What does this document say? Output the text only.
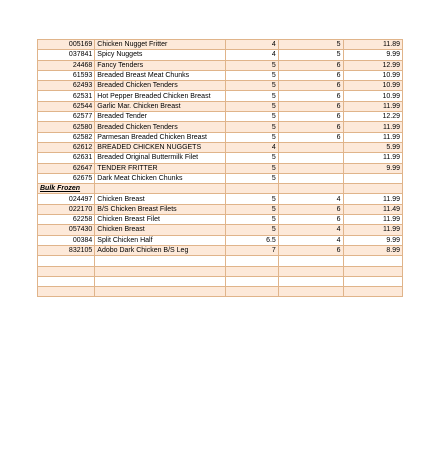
005169	Chicken Nugget Fritter	4	5	11.89
037841	Spicy Nuggets	4	5	9.99
24468	Fancy Tenders	5	6	12.99
61593	Breaded Breast Meat Chunks	5	6	10.99
62493	Breaded Chicken Tenders	5	6	10.99
62531	Hot Pepper Breaded Chicken Breast	5	6	10.99
62544	Garlic Mar. Chicken Breast	5	6	11.99
62577	Breaded Tender	5	6	12.29
62580	Breaded Chicken Tenders	5	6	11.99
62582	Parmesan Breaded Chicken Breast	5	6	11.99
62612	BREADED CHICKEN NUGGETS	4		5.99
62631	Breaded Original Buttermilk Filet	5		11.99
62647	TENDER FRITTER	5		9.99
62675	Dark Meat Chicken Chunks	5		
Bulk Frozen				
024497	Chicken Breast	5	4	11.99
022170	B/S Chicken Breast Filets	5	6	11.49
62258	Chicken Breast Filet	5	6	11.99
057430	Chicken Breast	5	4	11.99
00384	Split Chicken Half	6.5	4	9.99
832105	Adobo Dark Chicken B/S Leg	7	6	8.99
